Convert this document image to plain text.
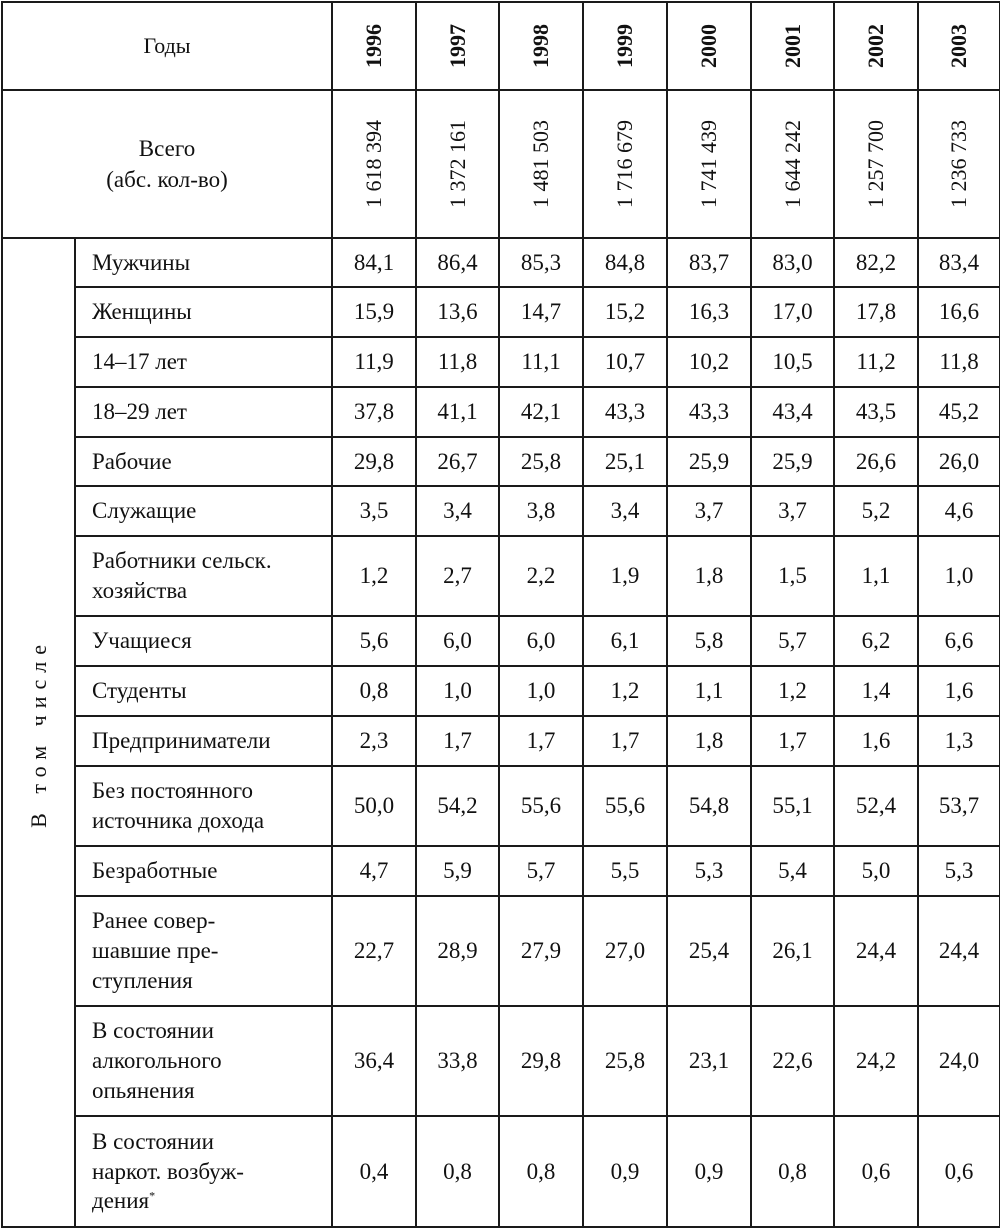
Годы		1996	1997	1998	1999	2000	2001	2002	2003

Всего
(абс. кол-во)		1 618 394	1 372 161	1 481 503	1 716 679	1 741 439	1 644 242	1 257 700	1 236 733

В том числе	Мужчины	84,1	86,4	85,3	84,8	83,7	83,0	82,2	83,4

	Женщины	15,9	13,6	14,7	15,2	16,3	17,0	17,8	16,6

	14–17 лет	11,9	11,8	11,1	10,7	10,2	10,5	11,2	11,8

	18–29 лет	37,8	41,1	42,1	43,3	43,3	43,4	43,5	45,2

	Рабочие	29,8	26,7	25,8	25,1	25,9	25,9	26,6	26,0

	Служащие	3,5	3,4	3,8	3,4	3,7	3,7	5,2	4,6

	Работники сельск.
хозяйства	1,2	2,7	2,2	1,9	1,8	1,5	1,1	1,0

	Учащиеся	5,6	6,0	6,0	6,1	5,8	5,7	6,2	6,6

	Студенты	0,8	1,0	1,0	1,2	1,1	1,2	1,4	1,6

	Предприниматели	2,3	1,7	1,7	1,7	1,8	1,7	1,6	1,3

	Без постоянного
источника дохода	50,0	54,2	55,6	55,6	54,8	55,1	52,4	53,7

	Безработные	4,7	5,9	5,7	5,5	5,3	5,4	5,0	5,3

	Ранее совер-
шавшие пре-
ступления	22,7	28,9	27,9	27,0	25,4	26,1	24,4	24,4

	В состоянии
алкогольного
опьянения	36,4	33,8	29,8	25,8	23,1	22,6	24,2	24,0

	В состоянии
наркот. возбуж-
дения*	0,4	0,8	0,8	0,9	0,9	0,8	0,6	0,6
